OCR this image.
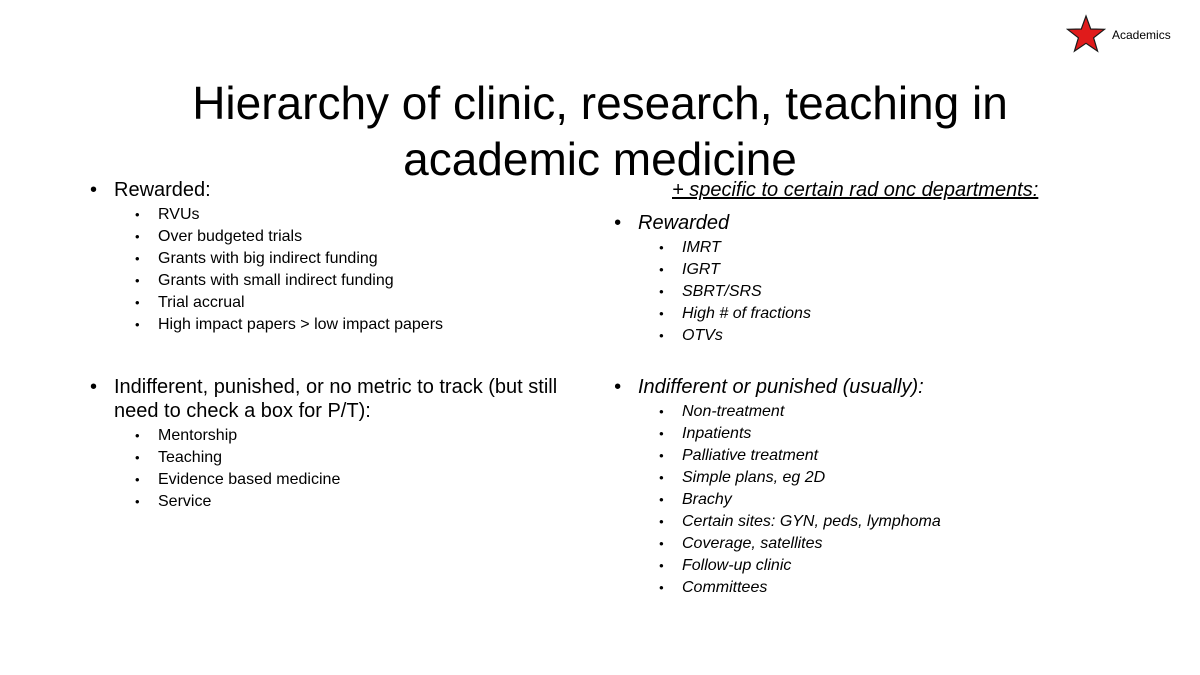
Academics
Hierarchy of clinic, research, teaching in
academic medicine
• Rewarded:
• RVUs
• Over budgeted trials
• Grants with big indirect funding
• Grants with small indirect funding
• Trial accrual
• High impact papers > low impact papers
• Indifferent, punished, or no metric to track (but still need to check a box for P/T):
• Mentorship
• Teaching
• Evidence based medicine
• Service
+ specific to certain rad onc departments:
• Rewarded
• IMRT
• IGRT
• SBRT/SRS
• High # of fractions
• OTVs
• Indifferent or punished (usually):
• Non-treatment
• Inpatients
• Palliative treatment
• Simple plans, eg 2D
• Brachy
• Certain sites: GYN, peds, lymphoma
• Coverage, satellites
• Follow-up clinic
• Committees
